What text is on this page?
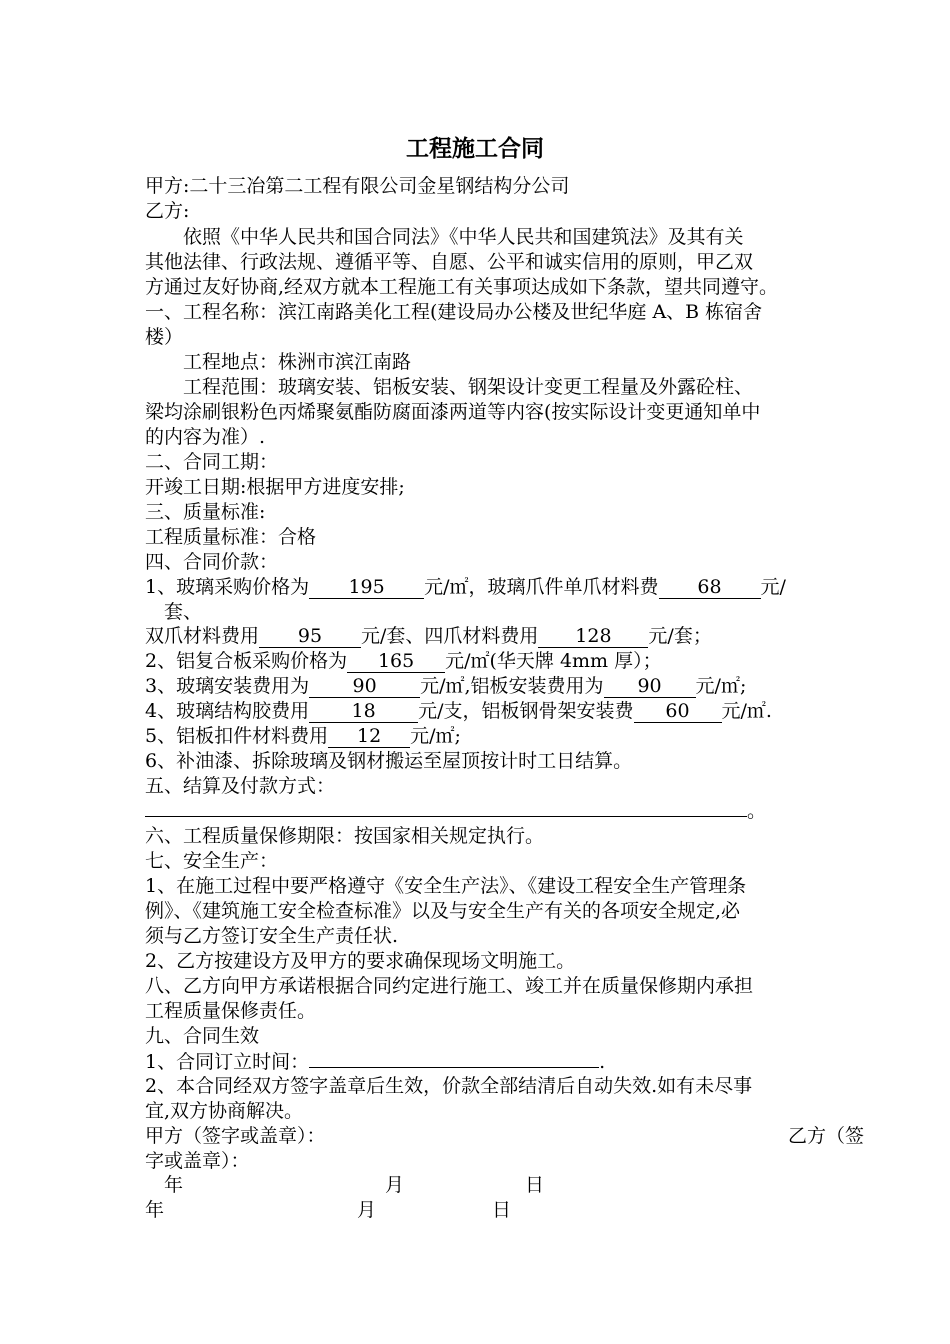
工程施工合同
甲方:二十三冶第二工程有限公司金星钢结构分公司
乙方:
　　依照《中华人民共和国合同法》《中华人民共和国建筑法》及其有关
其他法律、行政法规、遵循平等、自愿、公平和诚实信用的原则，甲乙双
方通过友好协商,经双方就本工程施工有关事项达成如下条款，望共同遵守。
一、工程名称：滨江南路美化工程(建设局办公楼及世纪华庭 A、B 栋宿舍
楼）
　　工程地点：株洲市滨江南路
　　工程范围：玻璃安装、铝板安装、钢架设计变更工程量及外露砼柱、
梁均涂刷银粉色丙烯聚氨酯防腐面漆两道等内容(按实际设计变更通知单中
的内容为准）.
二、合同工期：
开竣工日期:根据甲方进度安排;
三、质量标准:
工程质量标准：合格
四、合同价款：
1、玻璃采购价格为 195 元/㎡，玻璃爪件单爪材料费 68 元/
　套、
双爪材料费用 95 元/套、四爪材料费用 128 元/套；
2、铝复合板采购价格为 165 元/㎡(华天牌 4mm 厚）；
3、玻璃安装费用为 90 元/㎡,铝板安装费用为 90 元/㎡;
4、玻璃结构胶费用 18 元/支，铝板钢骨架安装费 60 元/㎡.
5、铝板扣件材料费用 12 元/㎡;
6、补油漆、拆除玻璃及钢材搬运至屋顶按计时工日结算。
五、结算及付款方式：
。
六、工程质量保修期限：按国家相关规定执行。
七、安全生产：
1、在施工过程中要严格遵守《安全生产法》、《建设工程安全生产管理条
例》、《建筑施工安全检查标准》以及与安全生产有关的各项安全规定,必
须与乙方签订安全生产责任状.
2、乙方按建设方及甲方的要求确保现场文明施工。
八、乙方向甲方承诺根据合同约定进行施工、竣工并在质量保修期内承担
工程质量保修责任。
九、合同生效
1、合同订立时间：	.
2、本合同经双方签字盖章后生效，价款全部结清后自动失效.如有未尽事
宜,双方协商解决。
甲方（签字或盖章）：	乙方（签
字或盖章）：
年	月	日
年	月	日
